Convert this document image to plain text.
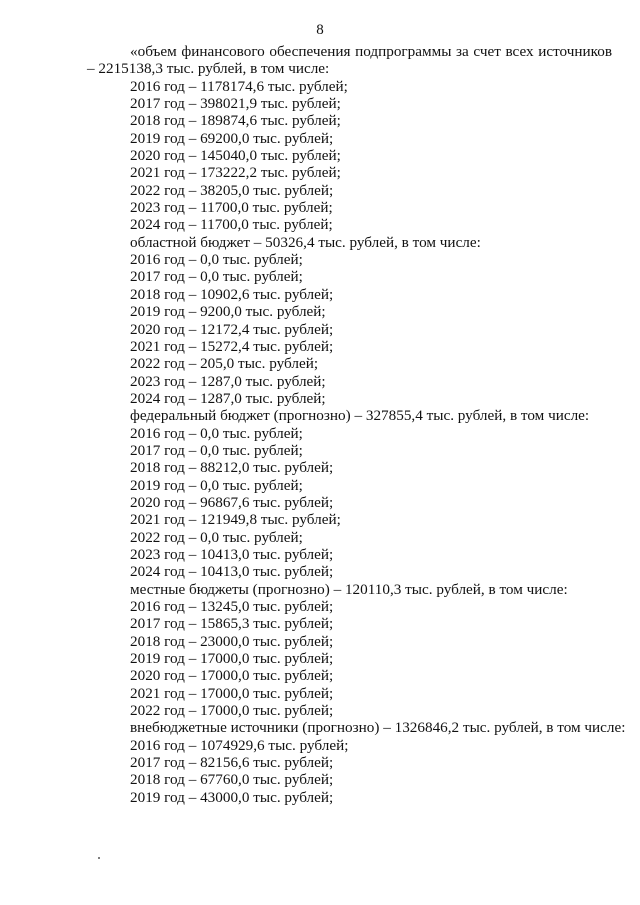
8

«объем финансового обеспечения подпрограммы за счет всех источников – 2215138,3 тыс. рублей, в том числе:

2016 год – 1178174,6 тыс. рублей;
2017 год – 398021,9 тыс. рублей;
2018 год – 189874,6 тыс. рублей;
2019 год – 69200,0 тыс. рублей;
2020 год – 145040,0 тыс. рублей;
2021 год – 173222,2 тыс. рублей;
2022 год – 38205,0 тыс. рублей;
2023 год – 11700,0 тыс. рублей;
2024 год – 11700,0 тыс. рублей;
областной бюджет – 50326,4 тыс. рублей, в том числе:
2016 год – 0,0 тыс. рублей;
2017 год – 0,0 тыс. рублей;
2018 год – 10902,6 тыс. рублей;
2019 год – 9200,0 тыс. рублей;
2020 год – 12172,4 тыс. рублей;
2021 год – 15272,4 тыс. рублей;
2022 год – 205,0 тыс. рублей;
2023 год – 1287,0 тыс. рублей;
2024 год – 1287,0 тыс. рублей;
федеральный бюджет (прогнозно) – 327855,4 тыс. рублей, в том числе:
2016 год – 0,0 тыс. рублей;
2017 год – 0,0 тыс. рублей;
2018 год – 88212,0 тыс. рублей;
2019 год – 0,0 тыс. рублей;
2020 год – 96867,6 тыс. рублей;
2021 год – 121949,8 тыс. рублей;
2022 год – 0,0 тыс. рублей;
2023 год – 10413,0 тыс. рублей;
2024 год – 10413,0 тыс. рублей;
местные бюджеты (прогнозно) – 120110,3 тыс. рублей, в том числе:
2016 год – 13245,0 тыс. рублей;
2017 год – 15865,3 тыс. рублей;
2018 год – 23000,0 тыс. рублей;
2019 год – 17000,0 тыс. рублей;
2020 год – 17000,0 тыс. рублей;
2021 год – 17000,0 тыс. рублей;
2022 год – 17000,0 тыс. рублей;
внебюджетные источники (прогнозно) – 1326846,2 тыс. рублей, в том числе:
2016 год – 1074929,6 тыс. рублей;
2017 год – 82156,6 тыс. рублей;
2018 год – 67760,0 тыс. рублей;
2019 год – 43000,0 тыс. рублей;
